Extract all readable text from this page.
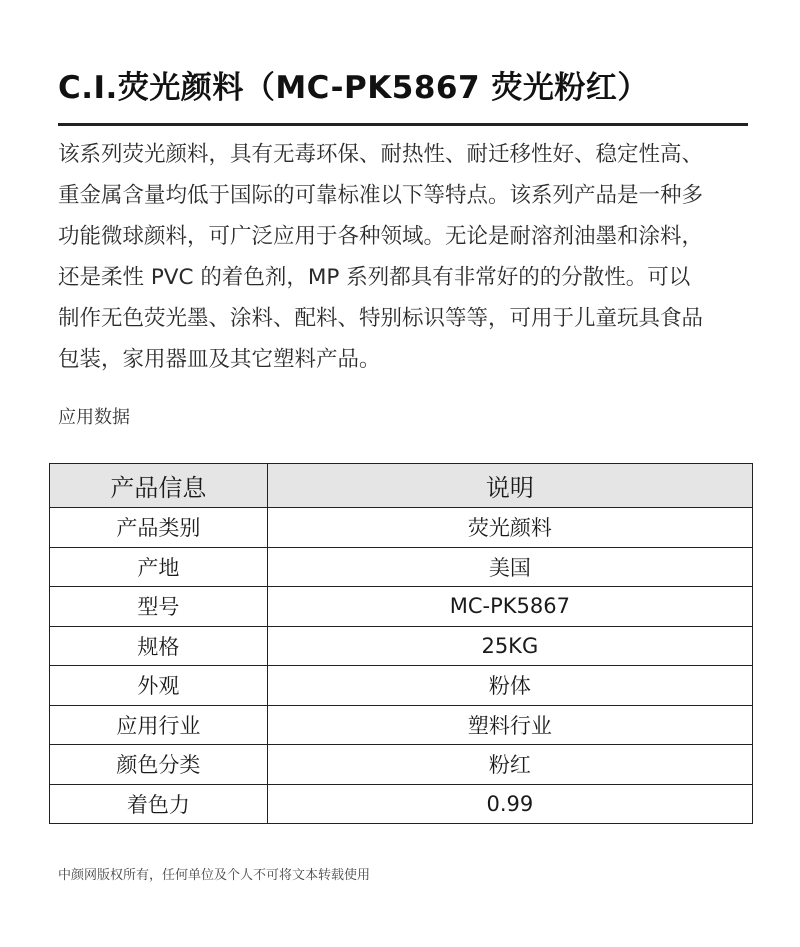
C.I.荧光颜料（MC-PK5867 荧光粉红）
该系列荧光颜料，具有无毒环保、耐热性、耐迁移性好、稳定性高、
重金属含量均低于国际的可靠标准以下等特点。该系列产品是一种多
功能微球颜料，可广泛应用于各种领域。无论是耐溶剂油墨和涂料，
还是柔性 PVC 的着色剂，MP 系列都具有非常好的的分散性。可以
制作无色荧光墨、涂料、配料、特别标识等等，可用于儿童玩具食品
包装，家用器皿及其它塑料产品。
应用数据
产品信息	说明
产品类别	荧光颜料
产地	美国
型号	MC-PK5867
规格	25KG
外观	粉体
应用行业	塑料行业
颜色分类	粉红
着色力	0.99
中颜网版权所有，任何单位及个人不可将文本转载使用
